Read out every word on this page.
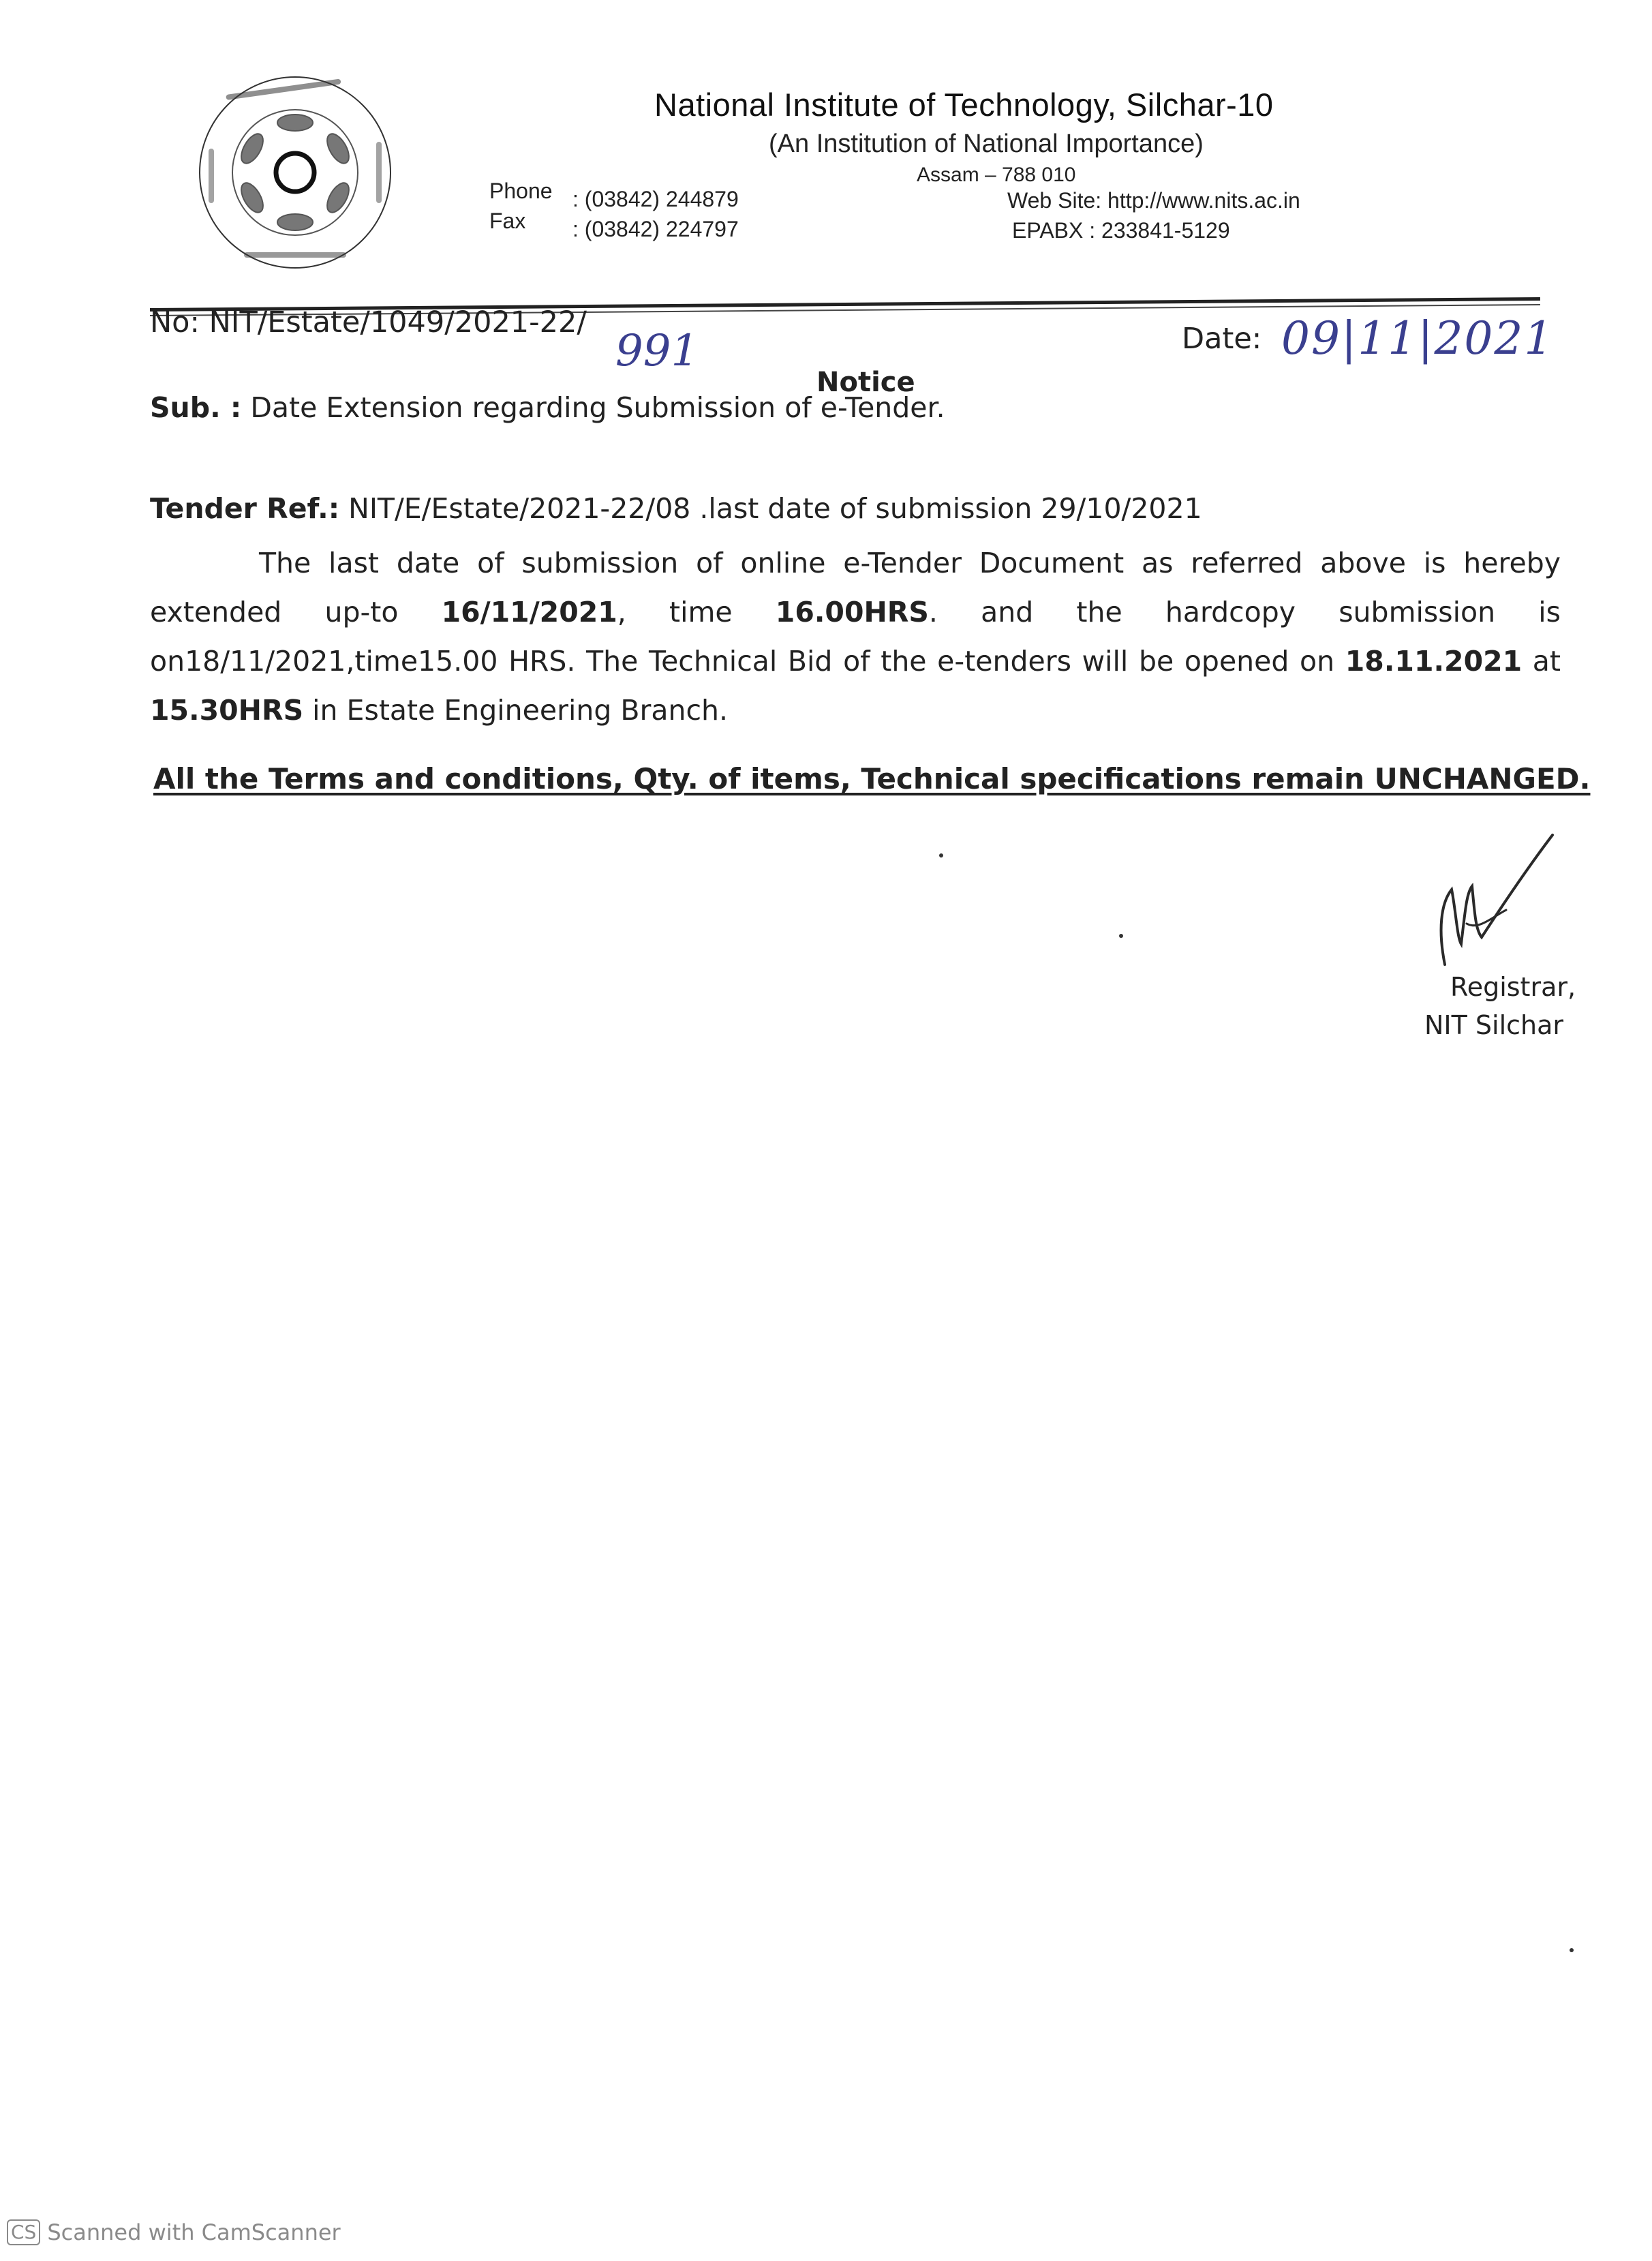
National Institute of Technology, Silchar-10
(An Institution of National Importance)
Assam – 788 010
Phone : (03842) 244879
Fax : (03842) 224797
Web Site: http://www.nits.ac.in
EPABX : 233841-5129
No: NIT/Estate/1049/2021-22/
991	Date: 09|11|2021
Notice
Sub. : Date Extension regarding Submission of e-Tender.
Tender Ref.: NIT/E/Estate/2021-22/08 .last date of submission 29/10/2021
The last date of submission of online e-Tender Document as referred above is hereby extended up-to 16/11/2021, time 16.00HRS. and the hardcopy submission is on18/11/2021,time15.00 HRS. The Technical Bid of the e-tenders will be opened on 18.11.2021 at 15.30HRS in Estate Engineering Branch.
All the Terms and conditions, Qty. of items, Technical specifications remain UNCHANGED.
Registrar,
NIT Silchar
CS Scanned with CamScanner
